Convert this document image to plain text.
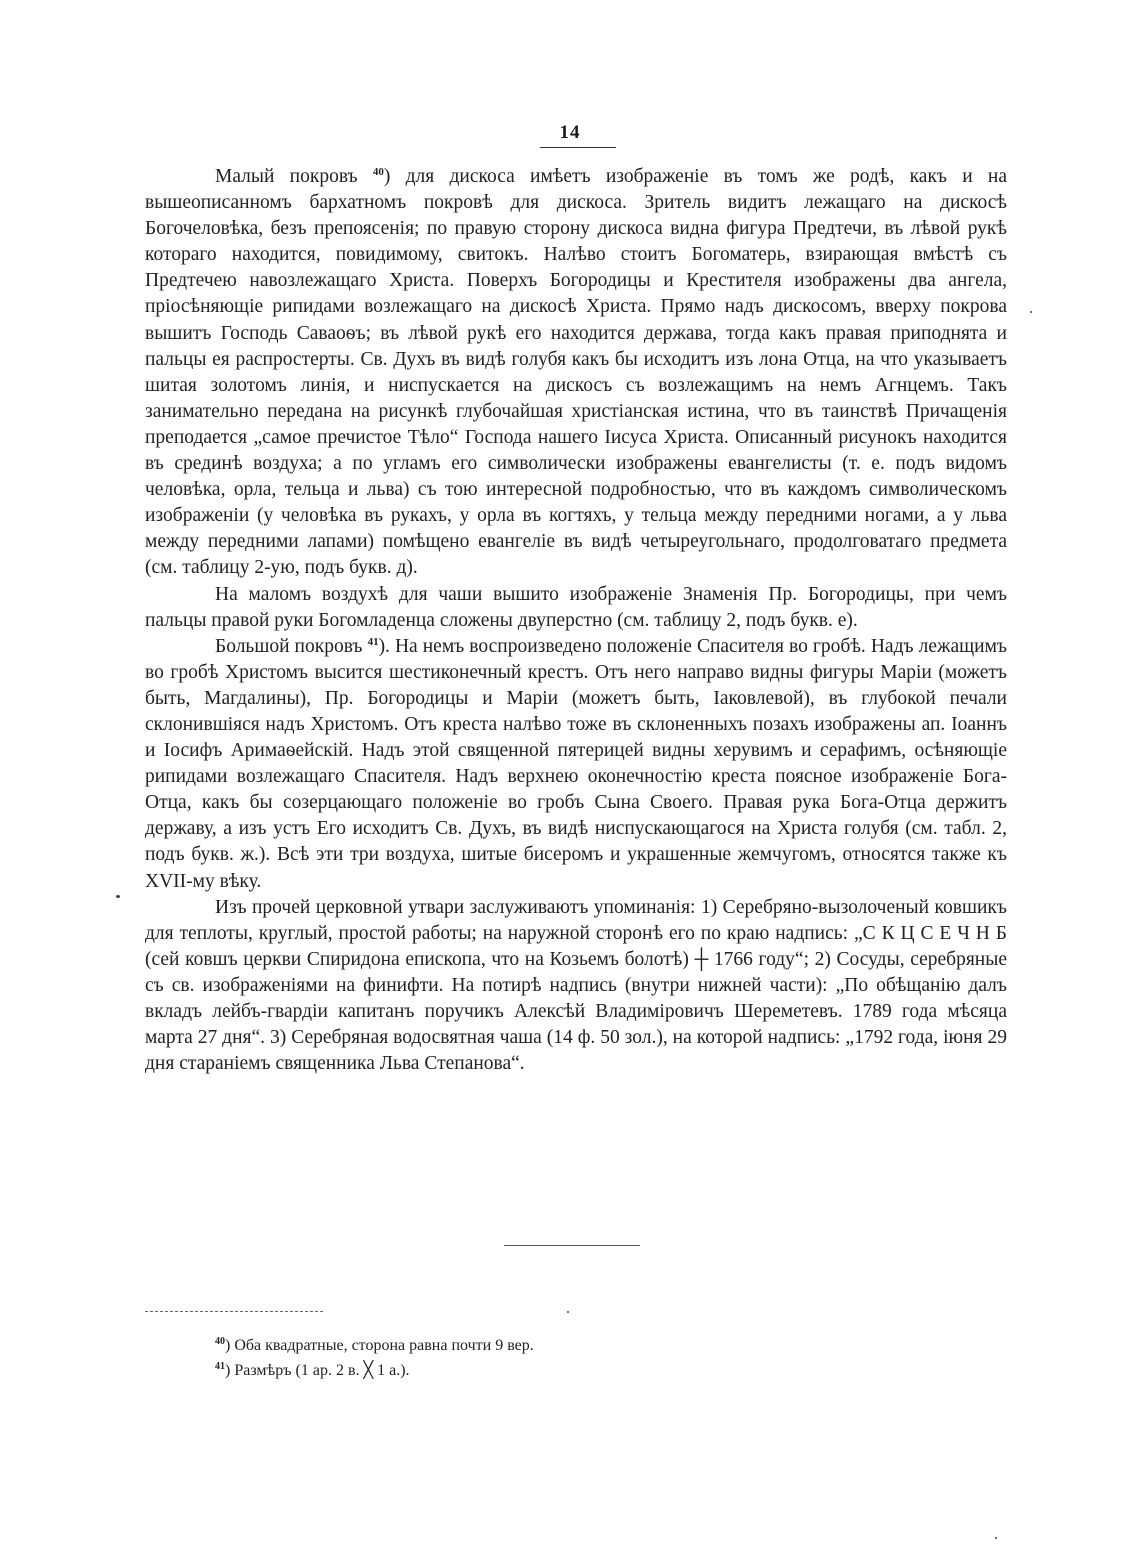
14

Малый покровъ $^{40}$) для дискоса имѣетъ изображеніе въ томъ же родѣ, какъ и на вышеописанномъ бархатномъ покровѣ для дискоса. Зритель видитъ лежащаго на дискосѣ Богочеловѣка, безъ препоясенія; по правую сторону дискоса видна фигура Предтечи, въ лѣвой рукѣ котораго находится, повидимому, свитокъ. Налѣво стоитъ Богоматерь, взирающая вмѣстѣ съ Предтечею навозлежащаго Христа. Поверхъ Богородицы и Крестителя изображены два ангела, пріосѣняющіе рипидами возлежащаго на дискосѣ Христа. Прямо надъ дискосомъ, вверху покрова вышитъ Господь Саваоѳъ; въ лѣвой рукѣ его находится держава, тогда какъ правая приподнята и пальцы ея распростерты. Св. Духъ въ видѣ голубя какъ бы исходитъ изъ лона Отца, на что указываетъ шитая золотомъ линія, и ниспускается на дискосъ съ возлежащимъ на немъ Агнцемъ. Такъ занимательно передана на рисункѣ глубочайшая христіанская истина, что въ таинствѣ Причащенія преподается „самое пречистое Тѣло“ Господа нашего Іисуса Христа. Описанный рисунокъ находится въ срединѣ воздуха; а по угламъ его символически изображены евангелисты (т. е. подъ видомъ человѣка, орла, тельца и льва) съ тою интересной подробностью, что въ каждомъ символическомъ изображеніи (у человѣка въ рукахъ, у орла въ когтяхъ, у тельца между передними ногами, а у льва между передними лапами) помѣщено евангеліе въ видѣ четыреугольнаго, продолговатаго предмета (см. таблицу 2-ую, подъ букв. д).

На маломъ воздухѣ для чаши вышито изображеніе Знаменія Пр. Богородицы, при чемъ пальцы правой руки Богомладенца сложены двуперстно (см. таблицу 2, подъ букв. е).

Большой покровъ $^{41}$). На немъ воспроизведено положеніе Спасителя во гробѣ. Надъ лежащимъ во гробѣ Христомъ высится шестиконечный крестъ. Отъ него направо видны фигуры Маріи (можетъ быть, Магдалины), Пр. Богородицы и Маріи (можетъ быть, Іаковлевой), въ глубокой печали склонившіяся надъ Христомъ. Отъ креста налѣво тоже въ склоненныхъ позахъ изображены ап. Іоаннъ и Іосифъ Аримаѳейскій. Надъ этой священной пятерицей видны херувимъ и серафимъ, осѣняющіе рипидами возлежащаго Спасителя. Надъ верхнею оконечностію креста поясное изображеніе Бога-Отца, какъ бы созерцающаго положеніе во гробъ Сына Своего. Правая рука Бога-Отца держитъ державу, а изъ устъ Его исходитъ Св. Духъ, въ видѣ ниспускающагося на Христа голубя (см. табл. 2, подъ букв. ж.). Всѣ эти три воздуха, шитые бисеромъ и украшенные жемчугомъ, относятся также къ XVII-му вѣку.

Изъ прочей церковной утвари заслуживаютъ упоминанія: 1) Серебряно-вызолоченый ковшикъ для теплоты, круглый, простой работы; на наружной сторонѣ его по краю надпись: „С К Ц С Е Ч Н Б (сей ковшъ церкви Спиридона епископа, что на Козьемъ болотѣ) ┼ 1766 году“; 2) Сосуды, серебряные съ св. изображеніями на финифти. На потирѣ надпись (внутри нижней части): „По обѣщанію далъ вкладъ лейбъ-гвардіи капитанъ поручикъ Алексѣй Владиміровичъ Шереметевъ. 1789 года мѣсяца марта 27 дня“. 3) Серебряная водосвятная чаша (14 ф. 50 зол.), на которой надпись: „1792 года, іюня 29 дня стараніемъ священника Льва Степанова“.

$^{40}$) Оба квадратные, сторона равна почти 9 вер.

$^{41}$) Размѣръ (1 ар. 2 в. ╳ 1 а.).
